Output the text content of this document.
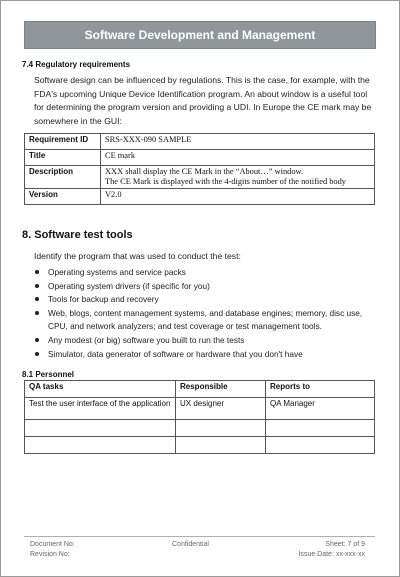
Software Development and Management
7.4 Regulatory requirements
Software design can be influenced by regulations. This is the case, for example, with the FDA's upcoming Unique Device Identification program. An about window is a useful tool for determining the program version and providing a UDI. In Europe the CE mark may be somewhere in the GUI:
Requirement ID	SRS-XXX-090 SAMPLE
Title	CE mark
Description	XXX shall display the CE Mark in the “About…” window.
The CE Mark is displayed with the 4-digits number of the notified body

Version	V2.0
8. Software test tools
Identify the program that was used to conduct the test:
Operating systems and service packs
Operating system drivers (if specific for you)
Tools for backup and recovery
Web, blogs, content management systems, and database engines; memory, disc use, CPU, and network analyzers; and test coverage or test management tools.
Any modest (or big) software you built to run the tests
Simulator, data generator of software or hardware that you don't have
8.1 Personnel
QA tasks	Responsible	Reports to
Test the user interface of the application	UX designer	QA Manager

Document No:
Revision No:
Confidential	Sheet: 7 of 9
Issue Date: xx-xxx-xx
